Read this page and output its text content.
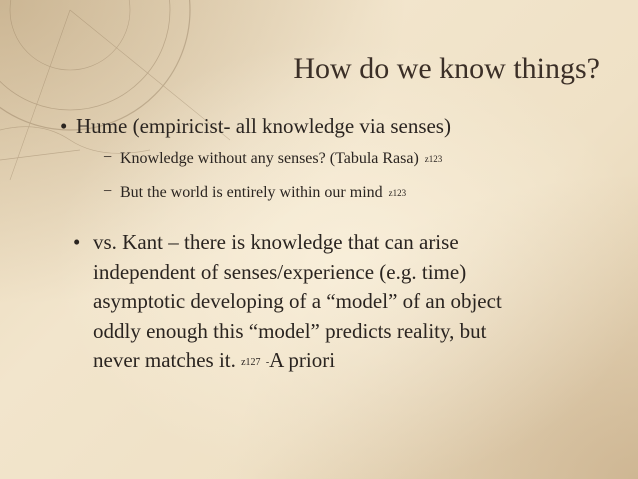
How do we know things?
• Hume (empiricist- all knowledge via senses)
− Knowledge without any senses? (Tabula Rasa) z123
− But the world is entirely within our mind z123
• vs. Kant – there is knowledge that can arise
independent of senses/experience (e.g. time)
asymptotic developing of a “model” of an object
oddly enough this “model” predicts reality, but
never matches it. z127 -A priori
